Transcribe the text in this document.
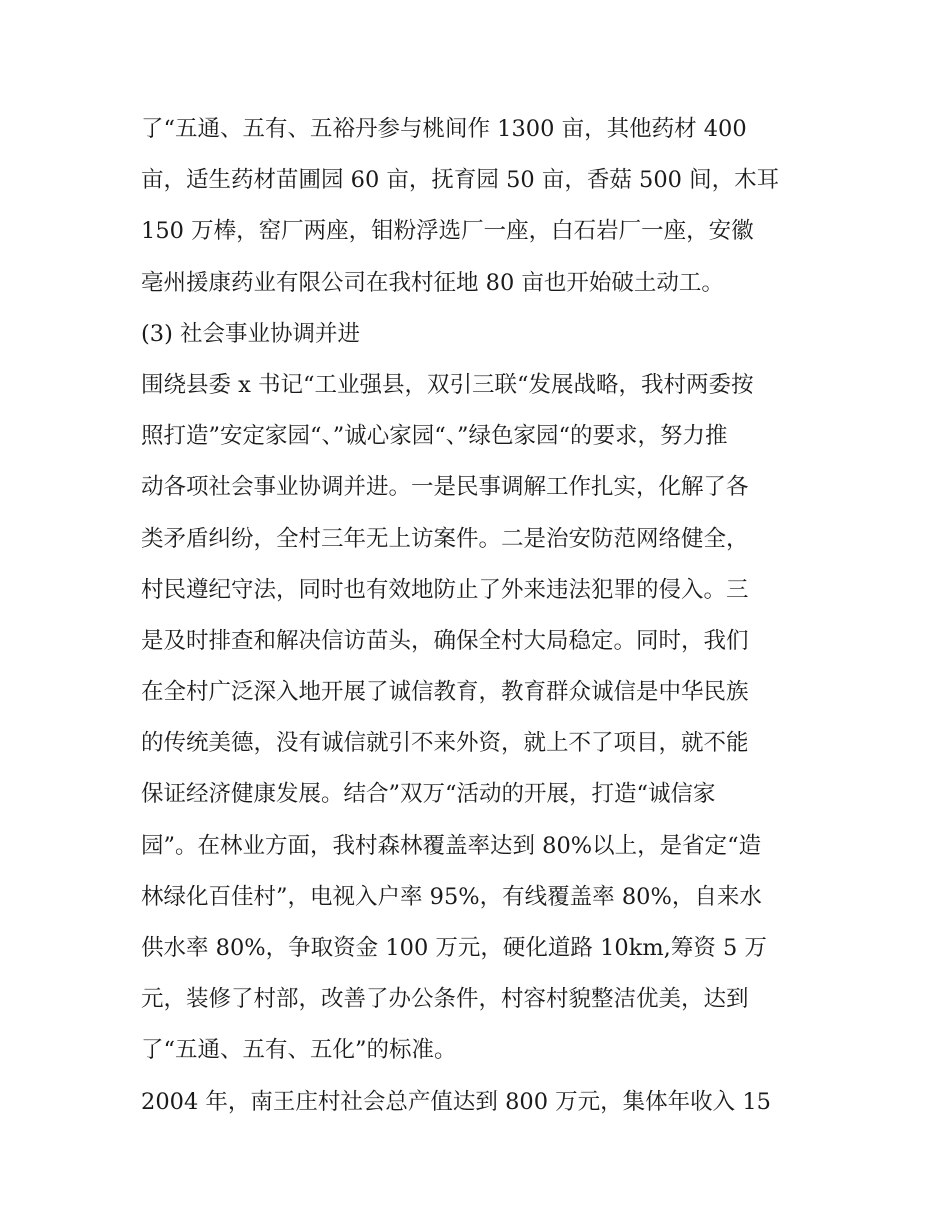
了“五通、五有、五裕丹参与桃间作 1300 亩，其他药材 400
亩，适生药材苗圃园 60 亩，抚育园 50 亩，香菇 500 间，木耳
150 万棒，窑厂两座，钼粉浮选厂一座，白石岩厂一座，安徽
亳州援康药业有限公司在我村征地 80 亩也开始破土动工。
(3) 社会事业协调并进
围绕县委 x 书记“工业强县，双引三联“发展战略，我村两委按
照打造”安定家园“、”诚心家园“、”绿色家园“的要求，努力推
动各项社会事业协调并进。一是民事调解工作扎实，化解了各
类矛盾纠纷，全村三年无上访案件。二是治安防范网络健全，
村民遵纪守法，同时也有效地防止了外来违法犯罪的侵入。三
是及时排查和解决信访苗头，确保全村大局稳定。同时，我们
在全村广泛深入地开展了诚信教育，教育群众诚信是中华民族
的传统美德，没有诚信就引不来外资，就上不了项目，就不能
保证经济健康发展。结合”双万“活动的开展，打造“诚信家
园”。在林业方面，我村森林覆盖率达到 80%以上，是省定“造
林绿化百佳村”，电视入户率 95%，有线覆盖率 80%，自来水
供水率 80%，争取资金 100 万元，硬化道路 10km,筹资 5 万
元，装修了村部，改善了办公条件，村容村貌整洁优美，达到
了“五通、五有、五化”的标准。
2004 年，南王庄村社会总产值达到 800 万元，集体年收入 15
